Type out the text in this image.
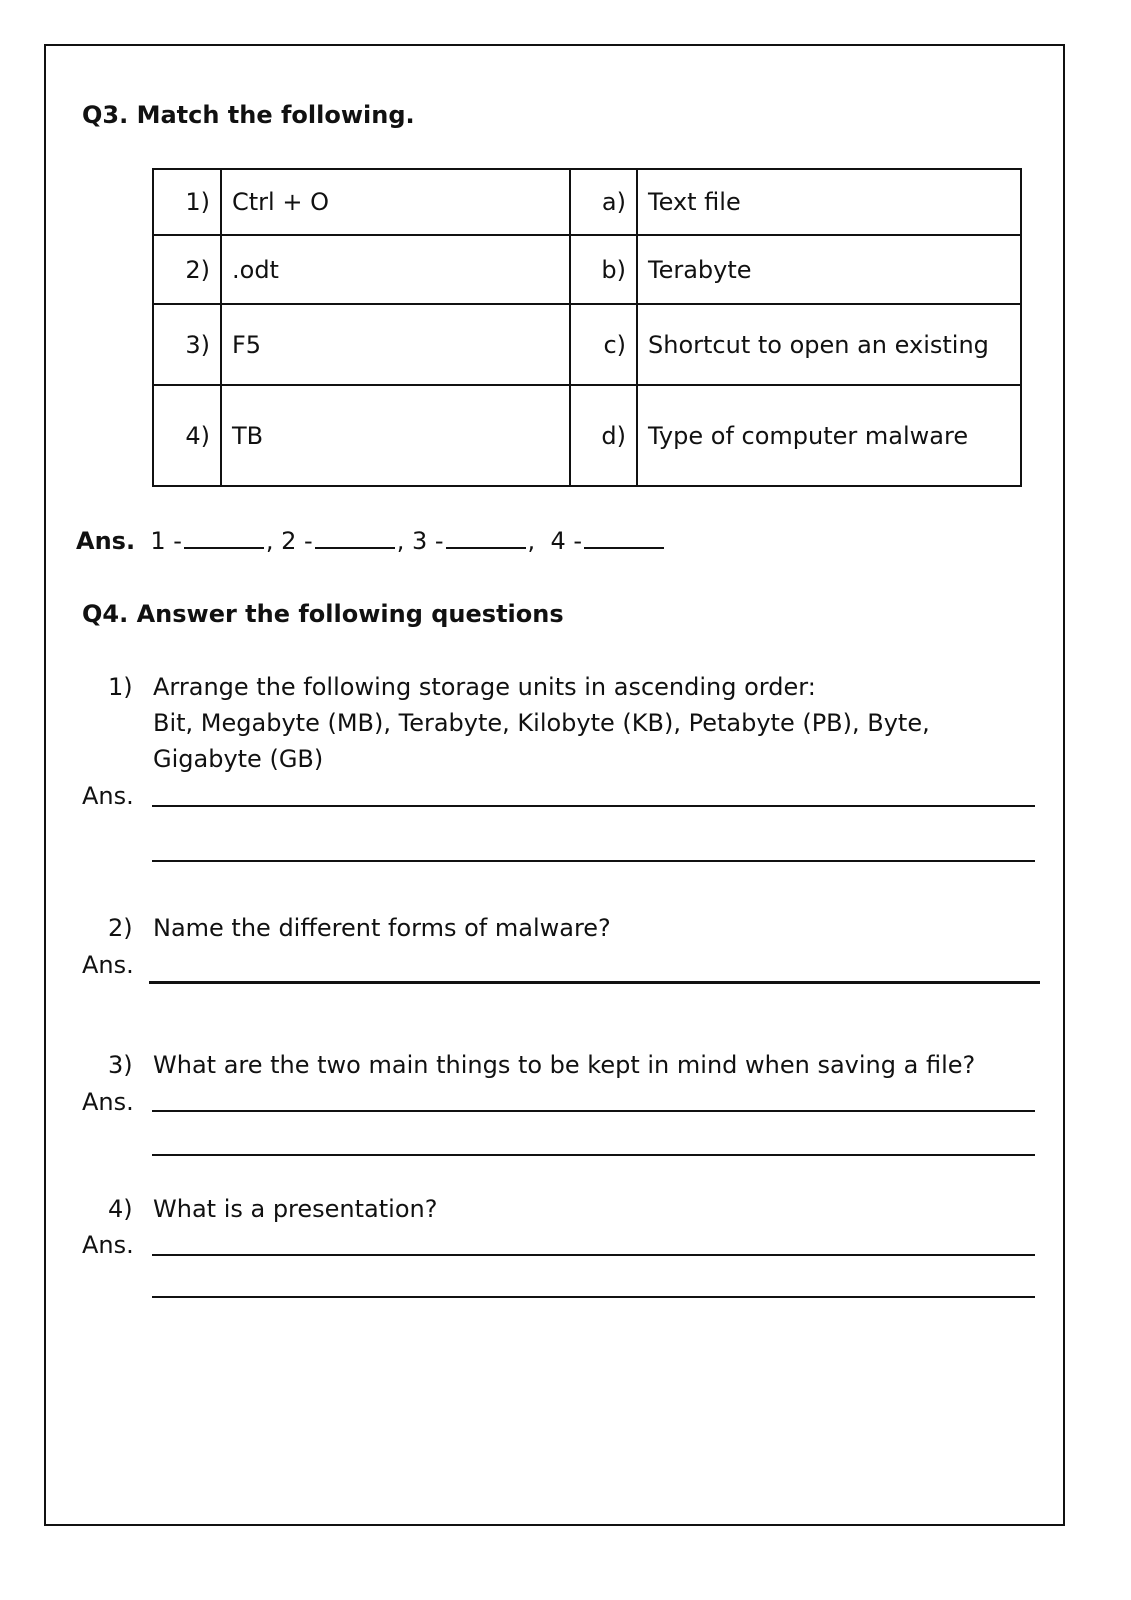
Q3. Match the following.
1)	Ctrl + O	a)	Text file
2)	.odt	b)	Terabyte
3)	F5	c)	Shortcut to open an existing
4)	TB	d)	Type of computer malware
Ans. 1 -	, 2 -	, 3 -	,  4 -
Q4. Answer the following questions
1) Arrange the following storage units in ascending order:
Bit, Megabyte (MB), Terabyte, Kilobyte (KB), Petabyte (PB), Byte,
Gigabyte (GB)
Ans.
2) Name the different forms of malware?
Ans.
3) What are the two main things to be kept in mind when saving a file?
Ans.
4) What is a presentation?
Ans.
